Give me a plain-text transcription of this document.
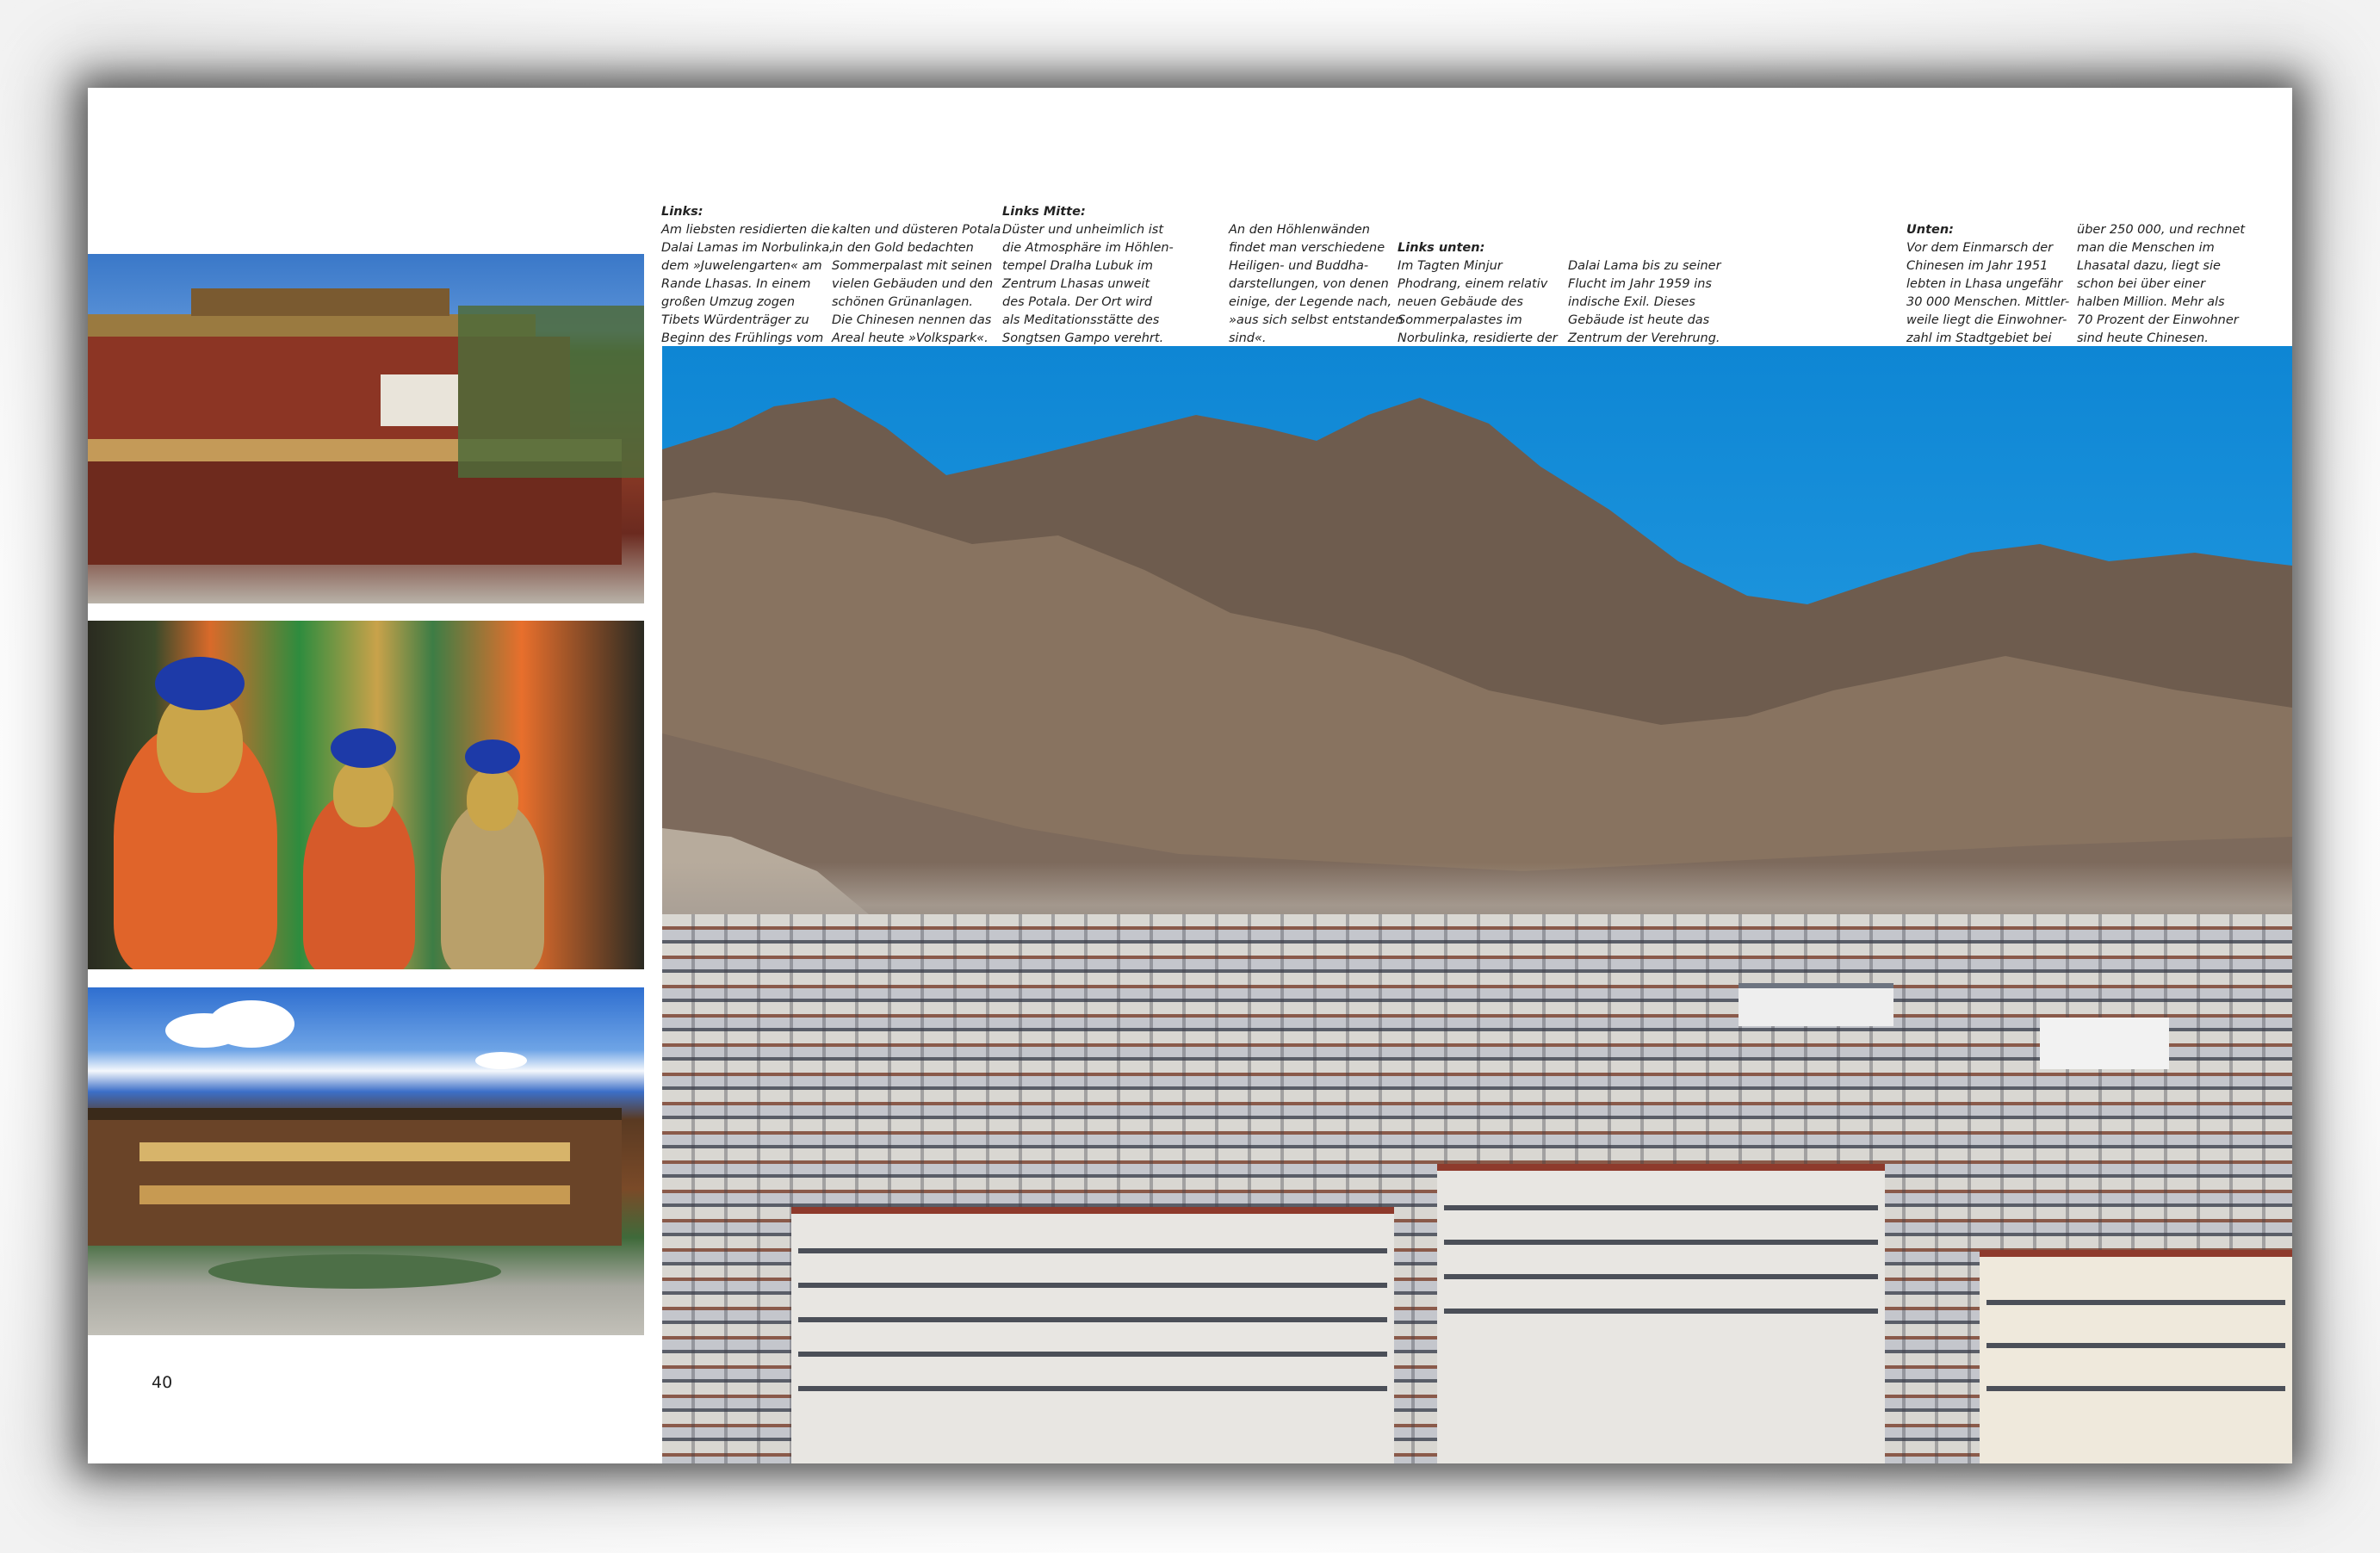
Links:
Am liebsten residierten die
Dalai Lamas im Norbulinka,
dem »Juwelengarten« am
Rande Lhasas. In einem
großen Umzug zogen
Tibets Würdenträger zu
Beginn des Frühlings vom

kalten und düsteren Potala
in den Gold bedachten
Sommerpalast mit seinen
vielen Gebäuden und den
schönen Grünanlagen.
Die Chinesen nennen das
Areal heute »Volkspark«.

Links Mitte:
Düster und unheimlich ist
die Atmosphäre im Höhlen-
tempel Dralha Lubuk im
Zentrum Lhasas unweit
des Potala. Der Ort wird
als Meditationsstätte des
Songtsen Gampo verehrt.

An den Höhlenwänden
findet man verschiedene
Heiligen- und Buddha-
darstellungen, von denen
einige, der Legende nach,
»aus sich selbst entstanden
sind«.

Links unten:
Im Tagten Minjur
Phodrang, einem relativ
neuen Gebäude des
Sommerpalastes im
Norbulinka, residierte der

Dalai Lama bis zu seiner
Flucht im Jahr 1959 ins
indische Exil. Dieses
Gebäude ist heute das
Zentrum der Verehrung.

Unten:
Vor dem Einmarsch der
Chinesen im Jahr 1951
lebten in Lhasa ungefähr
30 000 Menschen. Mittler-
weile liegt die Einwohner-
zahl im Stadtgebiet bei

über 250 000, und rechnet
man die Menschen im
Lhasatal dazu, liegt sie
schon bei über einer
halben Million. Mehr als
70 Prozent der Einwohner
sind heute Chinesen.

40
